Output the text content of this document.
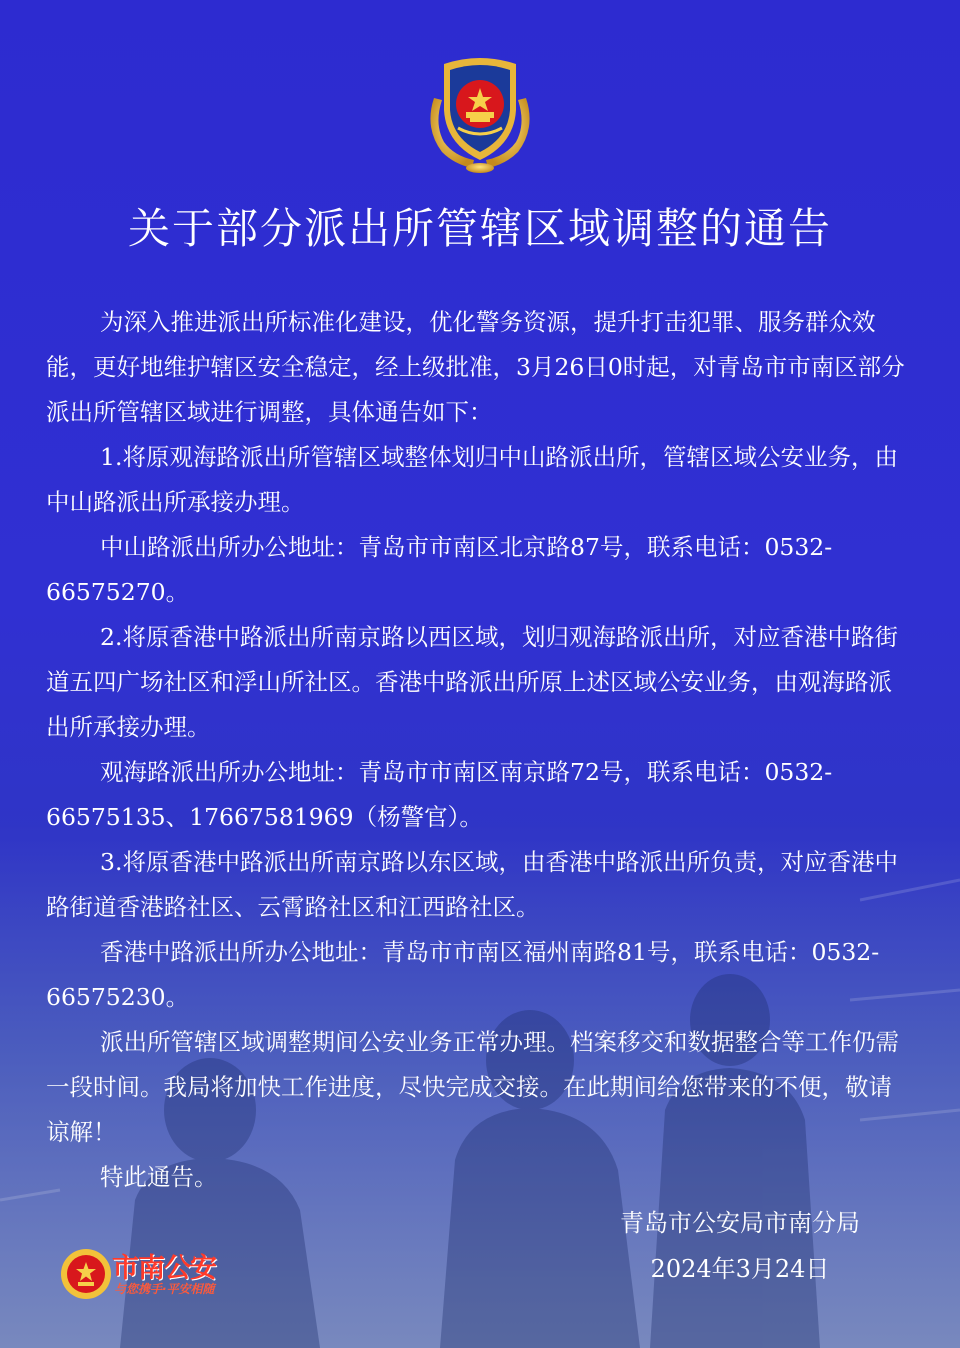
关于部分派出所管辖区域调整的通告

为深入推进派出所标准化建设，优化警务资源，提升打击犯罪、服务群众效能，更好地维护辖区安全稳定，经上级批准，3月26日0时起，对青岛市市南区部分派出所管辖区域进行调整，具体通告如下：

1.将原观海路派出所管辖区域整体划归中山路派出所，管辖区域公安业务，由中山路派出所承接办理。

中山路派出所办公地址：青岛市市南区北京路87号，联系电话：0532-66575270。

2.将原香港中路派出所南京路以西区域，划归观海路派出所，对应香港中路街道五四广场社区和浮山所社区。香港中路派出所原上述区域公安业务，由观海路派出所承接办理。

观海路派出所办公地址：青岛市市南区南京路72号，联系电话：0532-66575135、17667581969（杨警官）。

3.将原香港中路派出所南京路以东区域，由香港中路派出所负责，对应香港中路街道香港路社区、云霄路社区和江西路社区。

香港中路派出所办公地址：青岛市市南区福州南路81号，联系电话：0532-66575230。

派出所管辖区域调整期间公安业务正常办理。档案移交和数据整合等工作仍需一段时间。我局将加快工作进度，尽快完成交接。在此期间给您带来的不便，敬请谅解！

特此通告。

青岛市公安局市南分局
2024年3月24日
市南公安
与您携手·平安相随
